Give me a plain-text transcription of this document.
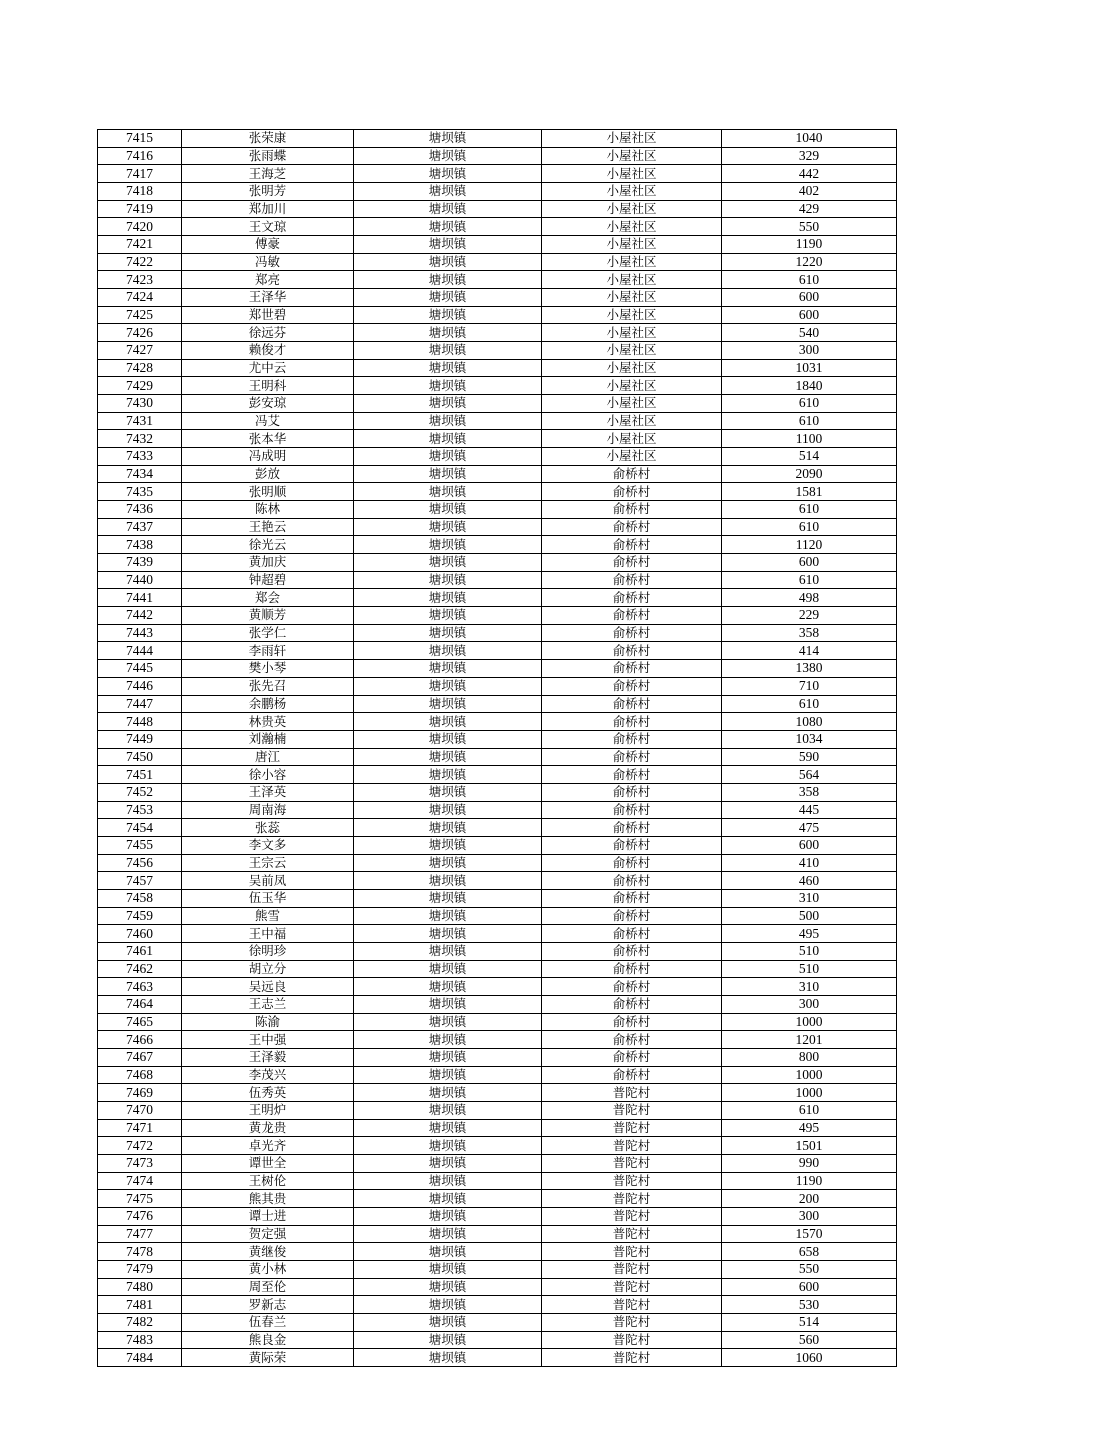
7415	张荣康	塘坝镇	小屋社区	1040
7416	张雨蝶	塘坝镇	小屋社区	329
7417	王海芝	塘坝镇	小屋社区	442
7418	张明芳	塘坝镇	小屋社区	402
7419	郑加川	塘坝镇	小屋社区	429
7420	王文琼	塘坝镇	小屋社区	550
7421	傅豪	塘坝镇	小屋社区	1190
7422	冯敏	塘坝镇	小屋社区	1220
7423	郑亮	塘坝镇	小屋社区	610
7424	王泽华	塘坝镇	小屋社区	600
7425	郑世碧	塘坝镇	小屋社区	600
7426	徐远芬	塘坝镇	小屋社区	540
7427	赖俊才	塘坝镇	小屋社区	300
7428	尤中云	塘坝镇	小屋社区	1031
7429	王明科	塘坝镇	小屋社区	1840
7430	彭安琼	塘坝镇	小屋社区	610
7431	冯艾	塘坝镇	小屋社区	610
7432	张本华	塘坝镇	小屋社区	1100
7433	冯成明	塘坝镇	小屋社区	514
7434	彭放	塘坝镇	俞桥村	2090
7435	张明顺	塘坝镇	俞桥村	1581
7436	陈林	塘坝镇	俞桥村	610
7437	王艳云	塘坝镇	俞桥村	610
7438	徐光云	塘坝镇	俞桥村	1120
7439	黄加庆	塘坝镇	俞桥村	600
7440	钟超碧	塘坝镇	俞桥村	610
7441	郑会	塘坝镇	俞桥村	498
7442	黄顺芳	塘坝镇	俞桥村	229
7443	张学仁	塘坝镇	俞桥村	358
7444	李雨轩	塘坝镇	俞桥村	414
7445	樊小琴	塘坝镇	俞桥村	1380
7446	张先召	塘坝镇	俞桥村	710
7447	余鹏杨	塘坝镇	俞桥村	610
7448	林贵英	塘坝镇	俞桥村	1080
7449	刘瀚楠	塘坝镇	俞桥村	1034
7450	唐江	塘坝镇	俞桥村	590
7451	徐小容	塘坝镇	俞桥村	564
7452	王泽英	塘坝镇	俞桥村	358
7453	周南海	塘坝镇	俞桥村	445
7454	张蕊	塘坝镇	俞桥村	475
7455	李文多	塘坝镇	俞桥村	600
7456	王宗云	塘坝镇	俞桥村	410
7457	吴前凤	塘坝镇	俞桥村	460
7458	伍玉华	塘坝镇	俞桥村	310
7459	熊雪	塘坝镇	俞桥村	500
7460	王中福	塘坝镇	俞桥村	495
7461	徐明珍	塘坝镇	俞桥村	510
7462	胡立分	塘坝镇	俞桥村	510
7463	吴远良	塘坝镇	俞桥村	310
7464	王志兰	塘坝镇	俞桥村	300
7465	陈渝	塘坝镇	俞桥村	1000
7466	王中强	塘坝镇	俞桥村	1201
7467	王泽毅	塘坝镇	俞桥村	800
7468	李茂兴	塘坝镇	俞桥村	1000
7469	伍秀英	塘坝镇	普陀村	1000
7470	王明炉	塘坝镇	普陀村	610
7471	黄龙贵	塘坝镇	普陀村	495
7472	卓光齐	塘坝镇	普陀村	1501
7473	谭世全	塘坝镇	普陀村	990
7474	王树伦	塘坝镇	普陀村	1190
7475	熊其贵	塘坝镇	普陀村	200
7476	谭士进	塘坝镇	普陀村	300
7477	贺定强	塘坝镇	普陀村	1570
7478	黄继俊	塘坝镇	普陀村	658
7479	黄小林	塘坝镇	普陀村	550
7480	周至伦	塘坝镇	普陀村	600
7481	罗新志	塘坝镇	普陀村	530
7482	伍春兰	塘坝镇	普陀村	514
7483	熊良金	塘坝镇	普陀村	560
7484	黄际荣	塘坝镇	普陀村	1060
